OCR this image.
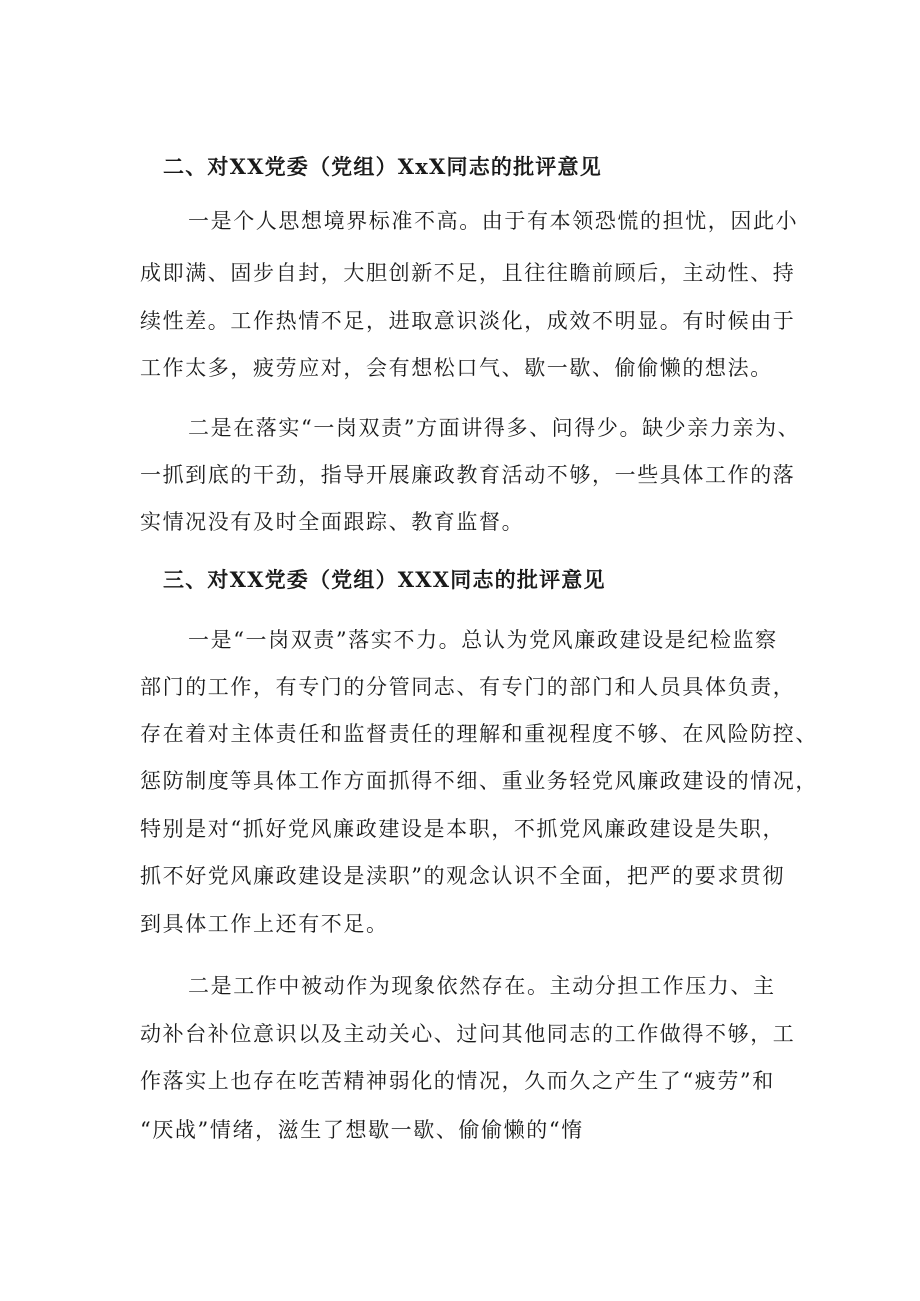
二、对XX党委（党组）XxX同志的批评意见
一是个人思想境界标准不高。由于有本领恐慌的担忧，因此小
成即满、固步自封，大胆创新不足，且往往瞻前顾后，主动性、持
续性差。工作热情不足，进取意识淡化，成效不明显。有时候由于
工作太多，疲劳应对，会有想松口气、歇一歇、偷偷懒的想法。
二是在落实“一岗双责”方面讲得多、问得少。缺少亲力亲为、
一抓到底的干劲，指导开展廉政教育活动不够，一些具体工作的落
实情况没有及时全面跟踪、教育监督。
三、对XX党委（党组）XXX同志的批评意见
一是“一岗双责”落实不力。总认为党风廉政建设是纪检监察
部门的工作，有专门的分管同志、有专门的部门和人员具体负责，
存在着对主体责任和监督责任的理解和重视程度不够、在风险防控、
惩防制度等具体工作方面抓得不细、重业务轻党风廉政建设的情况，
特别是对“抓好党风廉政建设是本职，不抓党风廉政建设是失职，
抓不好党风廉政建设是渎职”的观念认识不全面，把严的要求贯彻
到具体工作上还有不足。
二是工作中被动作为现象依然存在。主动分担工作压力、主
动补台补位意识以及主动关心、过问其他同志的工作做得不够，工
作落实上也存在吃苦精神弱化的情况，久而久之产生了“疲劳”和
“厌战”情绪，滋生了想歇一歇、偷偷懒的“惰
